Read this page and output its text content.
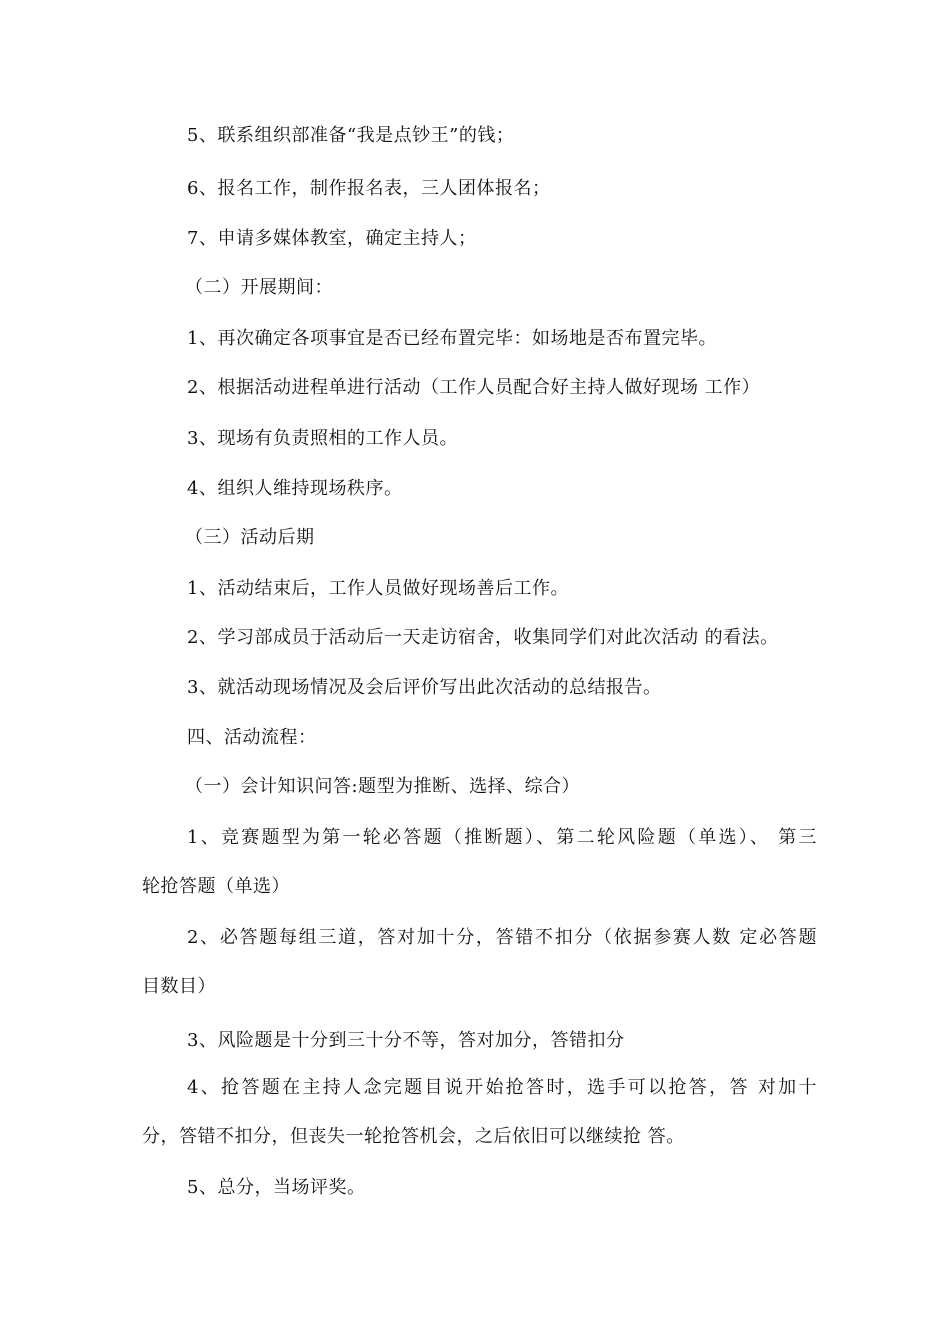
5、联系组织部准备“我是点钞王”的钱；
6、报名工作，制作报名表，三人团体报名；
7、申请多媒体教室，确定主持人；
（二）开展期间：
1、再次确定各项事宜是否已经布置完毕：如场地是否布置完毕。
2、根据活动进程单进行活动（工作人员配合好主持人做好现场 工作）
3、现场有负责照相的工作人员。
4、组织人维持现场秩序。
（三）活动后期
1、活动结束后，工作人员做好现场善后工作。
2、学习部成员于活动后一天走访宿舍，收集同学们对此次活动 的看法。
3、就活动现场情况及会后评价写出此次活动的总结报告。
四、活动流程：
（一）会计知识问答:题型为推断、选择、综合）
1、竞赛题型为第一轮必答题（推断题）、第二轮风险题（单选）、 第三
轮抢答题（单选）
2、必答题每组三道，答对加十分，答错不扣分（依据参赛人数 定必答题
目数目）
3、风险题是十分到三十分不等，答对加分，答错扣分
4、抢答题在主持人念完题目说开始抢答时，选手可以抢答，答 对加十
分，答错不扣分，但丧失一轮抢答机会，之后依旧可以继续抢 答。
5、总分，当场评奖。
